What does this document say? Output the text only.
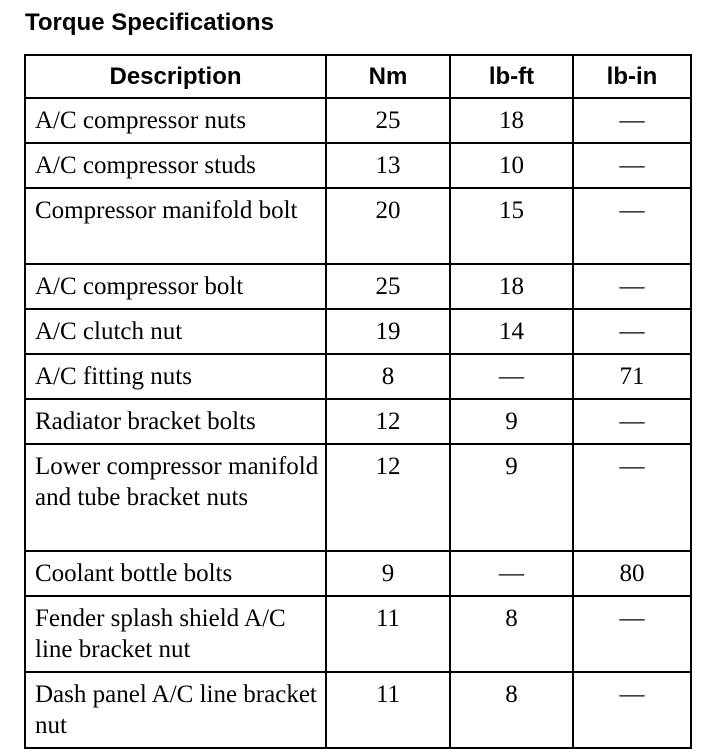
Torque Specifications
Description	Nm	lb-ft	lb-in
A/C compressor nuts	25	18	—
A/C compressor studs	13	10	—
Compressor manifold bolt	20	15	—
A/C compressor bolt	25	18	—
A/C clutch nut	19	14	—
A/C fitting nuts	8	—	71
Radiator bracket bolts	12	9	—
Lower compressor manifold and tube bracket nuts	12	9	—
Coolant bottle bolts	9	—	80
Fender splash shield A/C line bracket nut	11	8	—
Dash panel A/C line bracket nut	11	8	—
